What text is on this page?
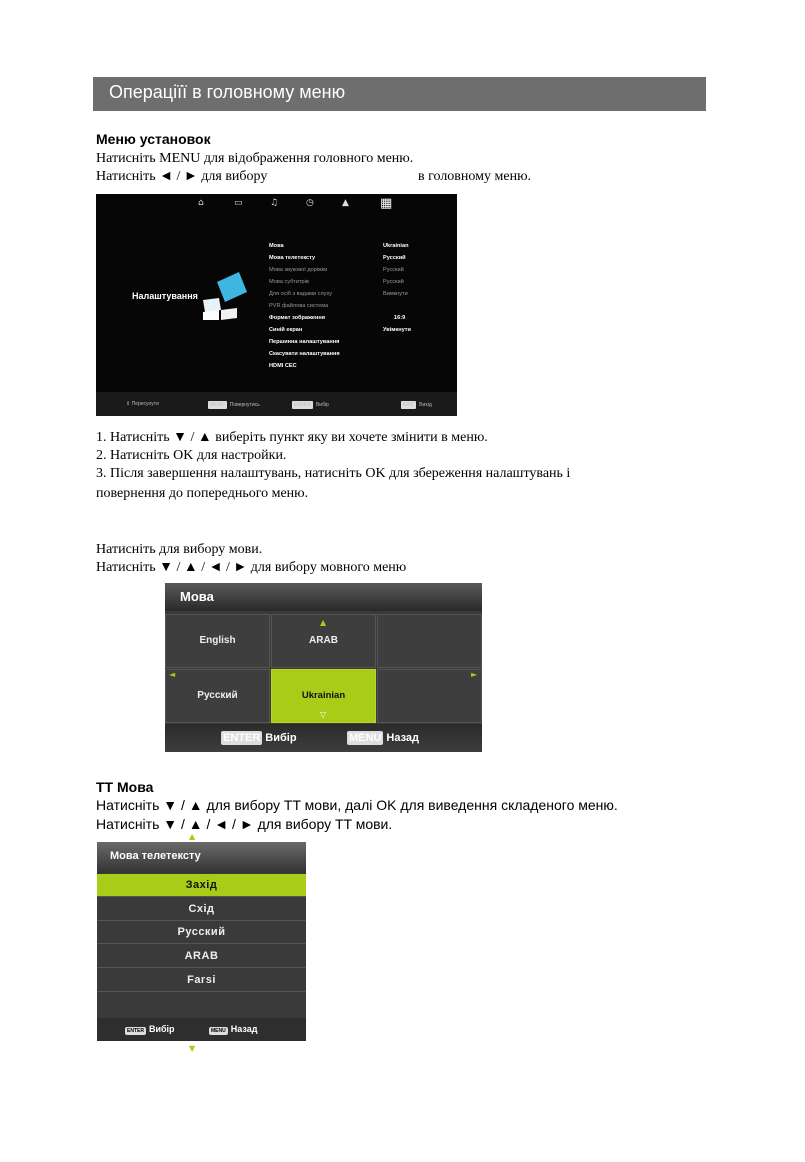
Операціїї в головному меню
Меню установок
Натисніть MENU для відображення головного меню.
Натисніть ◄ / ► для вибору	в головному меню.
⌂	▭	♫	◷	▲ ▦
Налаштування
Мова	Ukrainian
Мова телетексту	Русский
Мова звукової доріжки	Русский
Мова субтитрів	Русский
Для осіб з вадами слуху	Вимкнути
PVR файлова система
Формат зображення	16:9
Синій екран	Увімкнути
Першинна налаштування
Скасувати налаштування
HDMI CEC
⇕ Пересунути	MENU Повернутись	ENTER Вибір	EXIT Вихід
1. Натисніть ▼ / ▲ виберіть пункт яку ви хочете змінити в меню.
2. Натисніть OK для настройки.
3. Після завершення налаштувань, натисніть OK для збереження налаштувань і
повернення до попереднього меню.
Натисніть для вибору мови.
Натисніть ▼ / ▲ / ◄ / ► для вибору мовного меню
Мова
English	ARAB
Русский	Ukrainian
▲
▽
◄	►
ENTER Вибір	MENU Назад
TT Мова
Натисніть ▼ / ▲ для вибору TT мови, далі OK для виведення складеного меню.
Натисніть ▼ / ▲ / ◄ / ► для вибору TT мови.
▲
Мова телетексту
Захід
Схід
Русский
ARAB
Farsi
ENTER Вибір	MENU Назад
▼
